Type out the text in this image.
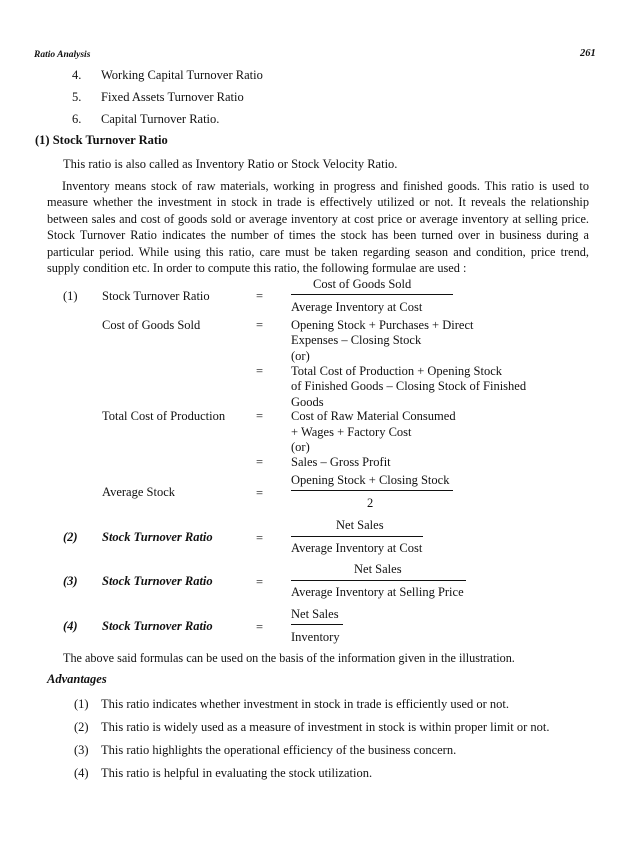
Ratio Analysis	261
4. Working Capital Turnover Ratio
5. Fixed Assets Turnover Ratio
6. Capital Turnover Ratio.
(1) Stock Turnover Ratio
This ratio is also called as Inventory Ratio or Stock Velocity Ratio.
Inventory means stock of raw materials, working in progress and finished goods. This ratio is used to measure whether the investment in stock in trade is effectively utilized or not. It reveals the relationship between sales and cost of goods sold or average inventory at cost price or average inventory at selling price. Stock Turnover Ratio indicates the number of times the stock has been turned over in business during a particular period. While using this ratio, care must be taken regarding season and condition, price trend, supply condition etc. In order to compute this ratio, the following formulae are used :
Cost of Goods Sold
(1) Stock Turnover Ratio	=
Average Inventory at Cost
Cost of Goods Sold	= Opening Stock + Purchases + Direct
Expenses – Closing Stock
(or)
= Total Cost of Production + Opening Stock
of Finished Goods – Closing Stock of Finished
Goods
Total Cost of Production = Cost of Raw Material Consumed
+ Wages + Factory Cost
(or)
= Sales – Gross Profit
Opening Stock + Closing Stock
Average Stock	=
2
Net Sales
(2) Stock Turnover Ratio	=
Average Inventory at Cost
Net Sales
(3) Stock Turnover Ratio	=
Average Inventory at Selling Price
Net Sales
(4) Stock Turnover Ratio	=
Inventory
The above said formulas can be used on the basis of the information given in the illustration.
Advantages
(1) This ratio indicates whether investment in stock in trade is efficiently used or not.
(2) This ratio is widely used as a measure of investment in stock is within proper limit or not.
(3) This ratio highlights the operational efficiency of the business concern.
(4) This ratio is helpful in evaluating the stock utilization.
